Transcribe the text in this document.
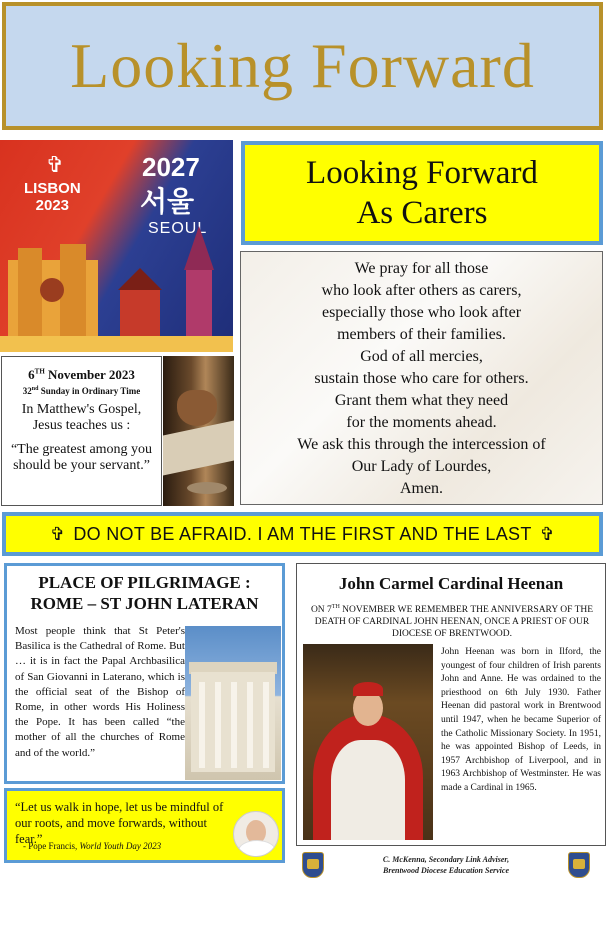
Looking Forward
✞
LISBON
2023
2027
서울
SEOUL
Looking Forward
As Carers
We pray for all those
who look after others as carers,
especially those who look after
members of their families.
God of all mercies,
sustain those who care for others.
Grant them what they need
for the moments ahead.
We ask this through the intercession of
Our Lady of Lourdes,
Amen.
6TH November 2023
32nd Sunday in Ordinary Time
In Matthew's Gospel,
Jesus teaches us :
“The greatest among you should be your servant.”
✞ DO NOT BE AFRAID. I AM THE FIRST AND THE LAST ✞
PLACE OF PILGRIMAGE :
ROME – ST JOHN LATERAN
Most people think that St Peter's Basilica is the Cathedral of Rome. But … it is in fact the Papal Archbasilica of San Giovanni in Laterano, which is the official seat of the Bishop of Rome, in other words His Holiness the Pope. It has been called “the mother of all the churches of Rome and of the world.”
“Let us walk in hope, let us be mindful of our roots, and move forwards, without fear.”
- Pope Francis, World Youth Day 2023
John Carmel Cardinal Heenan
ON 7TH NOVEMBER WE REMEMBER THE ANNIVERSARY OF THE DEATH OF CARDINAL JOHN HEENAN, ONCE A PRIEST OF OUR DIOCESE OF BRENTWOOD.
John Heenan was born in Ilford, the youngest of four children of Irish parents John and Anne. He was ordained to the priesthood on 6th July 1930. Father Heenan did pastoral work in Brentwood until 1947, when he became Superior of the Catholic Missionary Society. In 1951, he was appointed Bishop of Leeds, in 1957 Archbishop of Liverpool, and in 1963 Archbishop of Westminster. He was made a Cardinal in 1965.
C. McKenna, Secondary Link Adviser,
Brentwood Diocese Education Service
